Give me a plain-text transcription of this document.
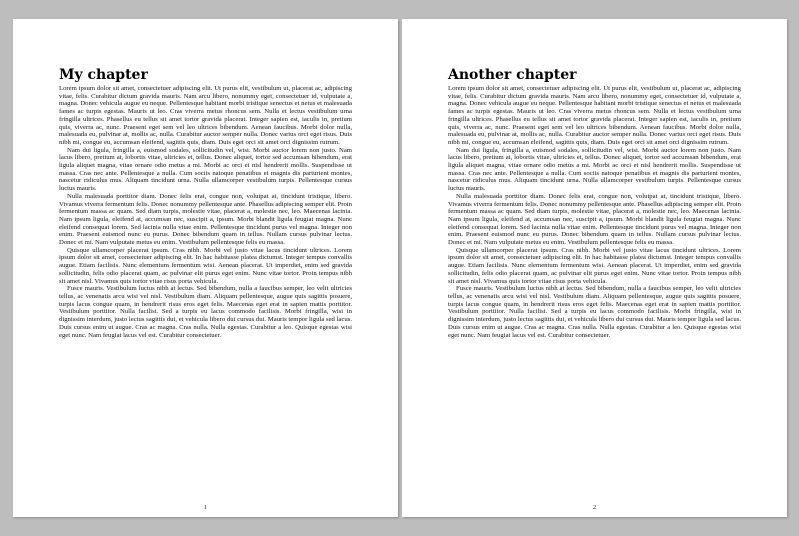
My chapter

Lorem ipsum dolor sit amet, consectetuer adipiscing elit. Ut purus elit, vestibulum ut, placerat ac, adipiscing vitae, felis. Curabitur dictum gravida mauris. Nam arcu libero, nonummy eget, consectetuer id, vulputate a, magna. Donec vehicula augue eu neque. Pellentesque habitant morbi tristique senectus et netus et malesuada fames ac turpis egestas. Mauris ut leo. Cras viverra metus rhoncus sem. Nulla et lectus vestibulum urna fringilla ultrices. Phasellus eu tellus sit amet tortor gravida placerat. Integer sapien est, iaculis in, pretium quis, viverra ac, nunc. Praesent eget sem vel leo ultrices bibendum. Aenean faucibus. Morbi dolor nulla, malesuada eu, pulvinar at, mollis ac, nulla. Curabitur auctor semper nulla. Donec varius orci eget risus. Duis nibh mi, congue eu, accumsan eleifend, sagittis quis, diam. Duis eget orci sit amet orci dignissim rutrum.

Nam dui ligula, fringilla a, euismod sodales, sollicitudin vel, wisi. Morbi auctor lorem non justo. Nam lacus libero, pretium at, lobortis vitae, ultricies et, tellus. Donec aliquet, tortor sed accumsan bibendum, erat ligula aliquet magna, vitae ornare odio metus a mi. Morbi ac orci et nisl hendrerit mollis. Suspendisse ut massa. Cras nec ante. Pellentesque a nulla. Cum sociis natoque penatibus et magnis dis parturient montes, nascetur ridiculus mus. Aliquam tincidunt urna. Nulla ullamcorper vestibulum turpis. Pellentesque cursus luctus mauris.

Nulla malesuada porttitor diam. Donec felis erat, congue non, volutpat at, tincidunt tristique, libero. Vivamus viverra fermentum felis. Donec nonummy pellentesque ante. Phasellus adipiscing semper elit. Proin fermentum massa ac quam. Sed diam turpis, molestie vitae, placerat a, molestie nec, leo. Maecenas lacinia. Nam ipsum ligula, eleifend at, accumsan nec, suscipit a, ipsum. Morbi blandit ligula feugiat magna. Nunc eleifend consequat lorem. Sed lacinia nulla vitae enim. Pellentesque tincidunt purus vel magna. Integer non enim. Praesent euismod nunc eu purus. Donec bibendum quam in tellus. Nullam cursus pulvinar lectus. Donec et mi. Nam vulputate metus eu enim. Vestibulum pellentesque felis eu massa.

Quisque ullamcorper placerat ipsum. Cras nibh. Morbi vel justo vitae lacus tincidunt ultrices. Lorem ipsum dolor sit amet, consectetuer adipiscing elit. In hac habitasse platea dictumst. Integer tempus convallis augue. Etiam facilisis. Nunc elementum fermentum wisi. Aenean placerat. Ut imperdiet, enim sed gravida sollicitudin, felis odio placerat quam, ac pulvinar elit purus eget enim. Nunc vitae tortor. Proin tempus nibh sit amet nisl. Vivamus quis tortor vitae risus porta vehicula.

Fusce mauris. Vestibulum luctus nibh at lectus. Sed bibendum, nulla a faucibus semper, leo velit ultricies tellus, ac venenatis arcu wisi vel nisl. Vestibulum diam. Aliquam pellentesque, augue quis sagittis posuere, turpis lacus congue quam, in hendrerit risus eros eget felis. Maecenas eget erat in sapien mattis porttitor. Vestibulum porttitor. Nulla facilisi. Sed a turpis eu lacus commodo facilisis. Morbi fringilla, wisi in dignissim interdum, justo lectus sagittis dui, et vehicula libero dui cursus dui. Mauris tempor ligula sed lacus. Duis cursus enim ut augue. Cras ac magna. Cras nulla. Nulla egestas. Curabitur a leo. Quisque egestas wisi eget nunc. Nam feugiat lacus vel est. Curabitur consectetuer.

1
Another chapter

Lorem ipsum dolor sit amet, consectetuer adipiscing elit. Ut purus elit, vestibulum ut, placerat ac, adipiscing vitae, felis. Curabitur dictum gravida mauris. Nam arcu libero, nonummy eget, consectetuer id, vulputate a, magna. Donec vehicula augue eu neque. Pellentesque habitant morbi tristique senectus et netus et malesuada fames ac turpis egestas. Mauris ut leo. Cras viverra metus rhoncus sem. Nulla et lectus vestibulum urna fringilla ultrices. Phasellus eu tellus sit amet tortor gravida placerat. Integer sapien est, iaculis in, pretium quis, viverra ac, nunc. Praesent eget sem vel leo ultrices bibendum. Aenean faucibus. Morbi dolor nulla, malesuada eu, pulvinar at, mollis ac, nulla. Curabitur auctor semper nulla. Donec varius orci eget risus. Duis nibh mi, congue eu, accumsan eleifend, sagittis quis, diam. Duis eget orci sit amet orci dignissim rutrum.

Nam dui ligula, fringilla a, euismod sodales, sollicitudin vel, wisi. Morbi auctor lorem non justo. Nam lacus libero, pretium at, lobortis vitae, ultricies et, tellus. Donec aliquet, tortor sed accumsan bibendum, erat ligula aliquet magna, vitae ornare odio metus a mi. Morbi ac orci et nisl hendrerit mollis. Suspendisse ut massa. Cras nec ante. Pellentesque a nulla. Cum sociis natoque penatibus et magnis dis parturient montes, nascetur ridiculus mus. Aliquam tincidunt urna. Nulla ullamcorper vestibulum turpis. Pellentesque cursus luctus mauris.

Nulla malesuada porttitor diam. Donec felis erat, congue non, volutpat at, tincidunt tristique, libero. Vivamus viverra fermentum felis. Donec nonummy pellentesque ante. Phasellus adipiscing semper elit. Proin fermentum massa ac quam. Sed diam turpis, molestie vitae, placerat a, molestie nec, leo. Maecenas lacinia. Nam ipsum ligula, eleifend at, accumsan nec, suscipit a, ipsum. Morbi blandit ligula feugiat magna. Nunc eleifend consequat lorem. Sed lacinia nulla vitae enim. Pellentesque tincidunt purus vel magna. Integer non enim. Praesent euismod nunc eu purus. Donec bibendum quam in tellus. Nullam cursus pulvinar lectus. Donec et mi. Nam vulputate metus eu enim. Vestibulum pellentesque felis eu massa.

Quisque ullamcorper placerat ipsum. Cras nibh. Morbi vel justo vitae lacus tincidunt ultrices. Lorem ipsum dolor sit amet, consectetuer adipiscing elit. In hac habitasse platea dictumst. Integer tempus convallis augue. Etiam facilisis. Nunc elementum fermentum wisi. Aenean placerat. Ut imperdiet, enim sed gravida sollicitudin, felis odio placerat quam, ac pulvinar elit purus eget enim. Nunc vitae tortor. Proin tempus nibh sit amet nisl. Vivamus quis tortor vitae risus porta vehicula.

Fusce mauris. Vestibulum luctus nibh at lectus. Sed bibendum, nulla a faucibus semper, leo velit ultricies tellus, ac venenatis arcu wisi vel nisl. Vestibulum diam. Aliquam pellentesque, augue quis sagittis posuere, turpis lacus congue quam, in hendrerit risus eros eget felis. Maecenas eget erat in sapien mattis porttitor. Vestibulum porttitor. Nulla facilisi. Sed a turpis eu lacus commodo facilisis. Morbi fringilla, wisi in dignissim interdum, justo lectus sagittis dui, et vehicula libero dui cursus dui. Mauris tempor ligula sed lacus. Duis cursus enim ut augue. Cras ac magna. Cras nulla. Nulla egestas. Curabitur a leo. Quisque egestas wisi eget nunc. Nam feugiat lacus vel est. Curabitur consectetuer.

2
